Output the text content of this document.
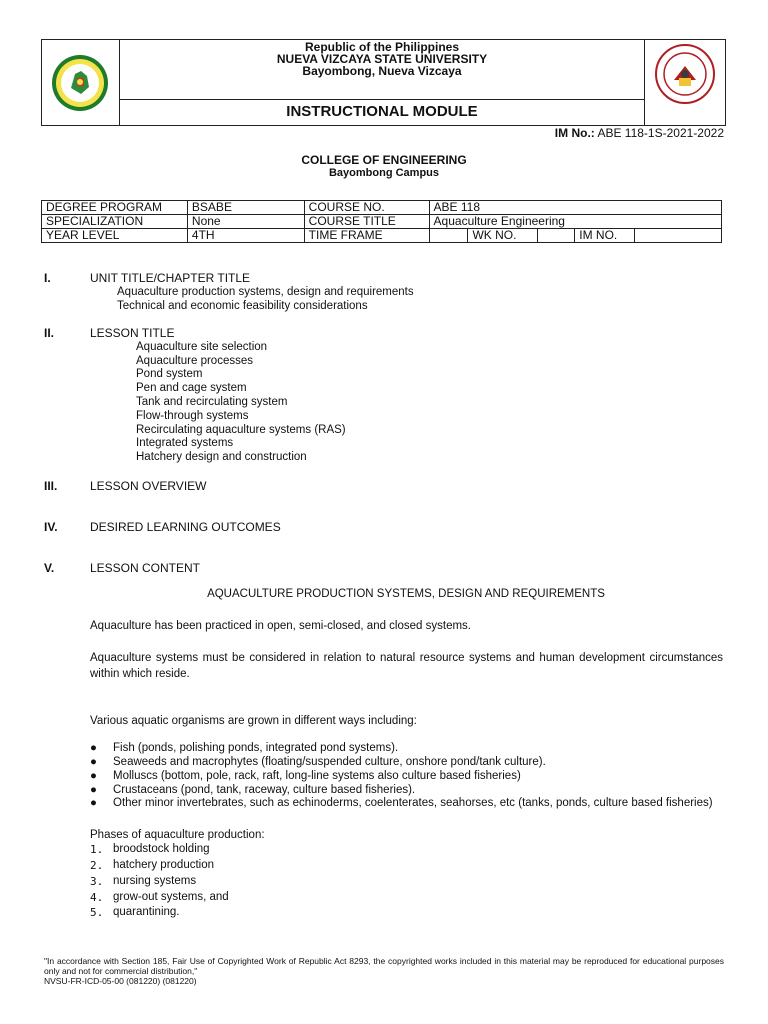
Republic of the Philippines
NUEVA VIZCAYA STATE UNIVERSITY
Bayombong, Nueva Vizcaya
INSTRUCTIONAL MODULE
IM No.: ABE 118-1S-2021-2022
COLLEGE OF ENGINEERING
Bayombong Campus
DEGREE PROGRAM	BSABE	COURSE NO.	ABE 118				
SPECIALIZATION	None	COURSE TITLE	Aquaculture Engineering				
YEAR LEVEL	4TH	TIME FRAME		WK NO.		IM NO.	
I.	UNIT TITLE/CHAPTER TITLE
Aquaculture production systems, design and requirements
Technical and economic feasibility considerations
II.	LESSON TITLE
Aquaculture site selection
Aquaculture processes
Pond system
Pen and cage system
Tank and recirculating system
Flow-through systems
Recirculating aquaculture systems (RAS)
Integrated systems
Hatchery design and construction
III.	LESSON OVERVIEW
IV.	DESIRED LEARNING OUTCOMES
V.	LESSON CONTENT
AQUACULTURE PRODUCTION SYSTEMS, DESIGN AND REQUIREMENTS
Aquaculture has been practiced in open, semi-closed, and closed systems.
Aquaculture systems must be considered in relation to natural resource systems and human development circumstances within which reside.
Various aquatic organisms are grown in different ways including:
● Fish (ponds, polishing ponds, integrated pond systems).
● Seaweeds and macrophytes (floating/suspended culture, onshore pond/tank culture).
● Molluscs (bottom, pole, rack, raft, long-line systems also culture based fisheries)
● Crustaceans (pond, tank, raceway, culture based fisheries).
● Other minor invertebrates, such as echinoderms, coelenterates, seahorses, etc (tanks, ponds, culture based fisheries)
Phases of aquaculture production:
1. broodstock holding
2. hatchery production
3. nursing systems
4. grow-out systems, and
5. quarantining.
"In accordance with Section 185, Fair Use of Copyrighted Work of Republic Act 8293, the copyrighted works included in this material may be reproduced for educational purposes only and not for commercial distribution,"
NVSU-FR-ICD-05-00 (081220) (081220)
